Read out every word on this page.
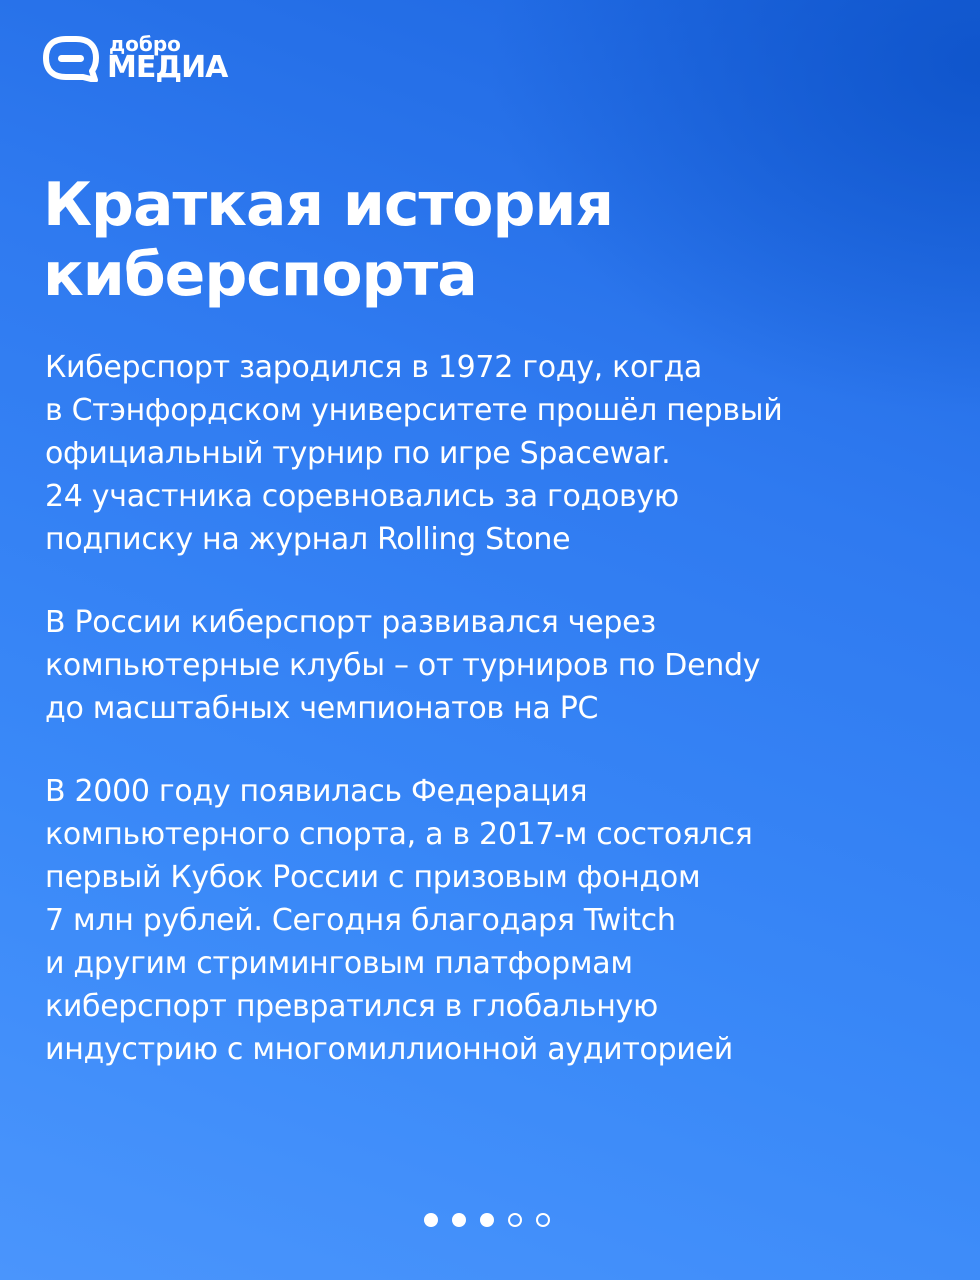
добро
МЕДИА
Краткая история
киберспорта

Киберспорт зародился в 1972 году, когда
в Стэнфордском университете прошёл первый
официальный турнир по игре Spacewar.
24 участника соревновались за годовую
подписку на журнал Rolling Stone

В России киберспорт развивался через
компьютерные клубы – от турниров по Dendy
до масштабных чемпионатов на PC

В 2000 году появилась Федерация
компьютерного спорта, а в 2017-м состоялся
первый Кубок России с призовым фондом
7 млн рублей. Сегодня благодаря Twitch
и другим стриминговым платформам
киберспорт превратился в глобальную
индустрию с многомиллионной аудиторией
